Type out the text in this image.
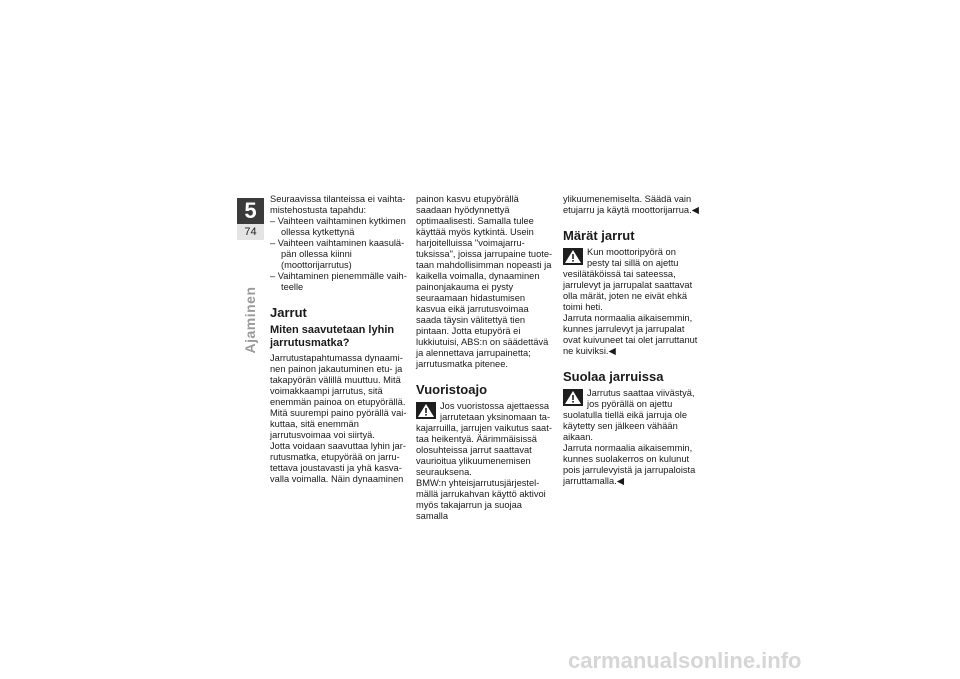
5
74
Ajaminen

Seuraavissa tilanteissa ei vaihtamistehostusta tapahdu:

– Vaihteen vaihtaminen kytkimen ollessa kytkettynä

– Vaihteen vaihtaminen kaasuläpän ollessa kiinni (moottorijarrutus)

– Vaihtaminen pienemmälle vaihteelle

Jarrut
Miten saavutetaan lyhin jarrutusmatka?

Jarrutustapahtumassa dynaaminen painon jakautuminen etu- ja takapyörän välillä muuttuu. Mitä voimakkaampi jarrutus, sitä enemmän painoa on etupyörällä. Mitä suurempi paino pyörällä vaikuttaa, sitä enemmän jarrutusvoimaa voi siirtyä.

Jotta voidaan saavuttaa lyhin jarrutusmatka, etupyörää on jarrutettava joustavasti ja yhä kasvavalla voimalla. Näin dynaaminen

painon kasvu etupyörällä saadaan hyödynnettyä optimaalisesti. Samalla tulee käyttää myös kytkintä. Usein harjoitelluissa "voimajarrutuksissa", joissa jarrupaine tuotetaan mahdollisimman nopeasti ja kaikella voimalla, dynaaminen painonjakauma ei pysty seuraamaan hidastumisen kasvua eikä jarrutusvoimaa saada täysin välitettyä tien pintaan. Jotta etupyörä ei lukkiutuisi, ABS:n on säädettävä ja alennettava jarrupainetta; jarrutusmatka pitenee.

Vuoristoajo

Jos vuoristossa ajettaessa jarrutetaan yksinomaan takajarruilla, jarrujen vaikutus saattaa heikentyä. Äärimmäisissä olosuhteissa jarrut saattavat vaurioitua ylikuumenemisen seurauksena.

BMW:n yhteisjarrutusjärjestelmällä jarrukahvan käyttö aktivoi myös takajarrun ja suojaa samalla

ylikuumenemiselta. Säädä vain etujarru ja käytä moottorijarrua.◀

Märät jarrut

Kun moottoripyörä on pesty tai sillä on ajettu vesilätäköissä tai sateessa, jarrulevyt ja jarrupalat saattavat olla märät, joten ne eivät ehkä toimi heti.

Jarruta normaalia aikaisemmin, kunnes jarrulevyt ja jarrupalat ovat kuivuneet tai olet jarruttanut ne kuiviksi.◀

Suolaa jarruissa

Jarrutus saattaa viivästyä, jos pyörällä on ajettu suolatulla tiellä eikä jarruja ole käytetty sen jälkeen vähään aikaan.

Jarruta normaalia aikaisemmin, kunnes suolakerros on kulunut pois jarrulevyistä ja jarrupaloista jarruttamalla.◀

carmanualsonline.info
